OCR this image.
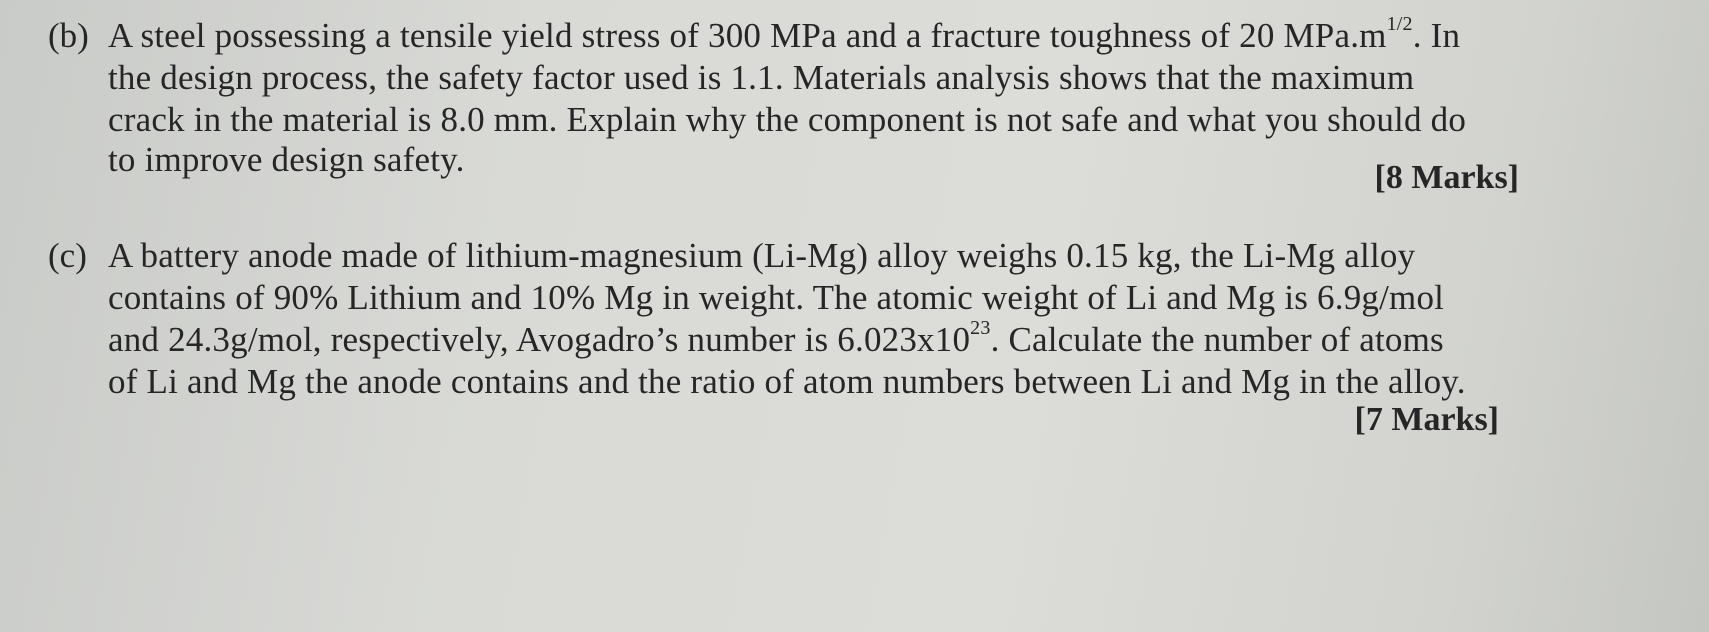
(b) A steel possessing a tensile yield stress of 300 MPa and a fracture toughness of 20 $MPa.m^{1/2}$. In
the design process, the safety factor used is 1.1. Materials analysis shows that the maximum
crack in the material is 8.0 mm. Explain why the component is not safe and what you should do
to improve design safety.	[8 Marks]
(c) A battery anode made of lithium-magnesium (Li-Mg) alloy weighs 0.15 kg, the Li-Mg alloy
contains of 90% Lithium and 10% Mg in weight. The atomic weight of Li and Mg is 6.9g/mol
and 24.3g/mol, respectively, Avogadro’s number is $6.023x10^{23}$. Calculate the number of atoms
of Li and Mg the anode contains and the ratio of atom numbers between Li and Mg in the alloy.
[7 Marks]
